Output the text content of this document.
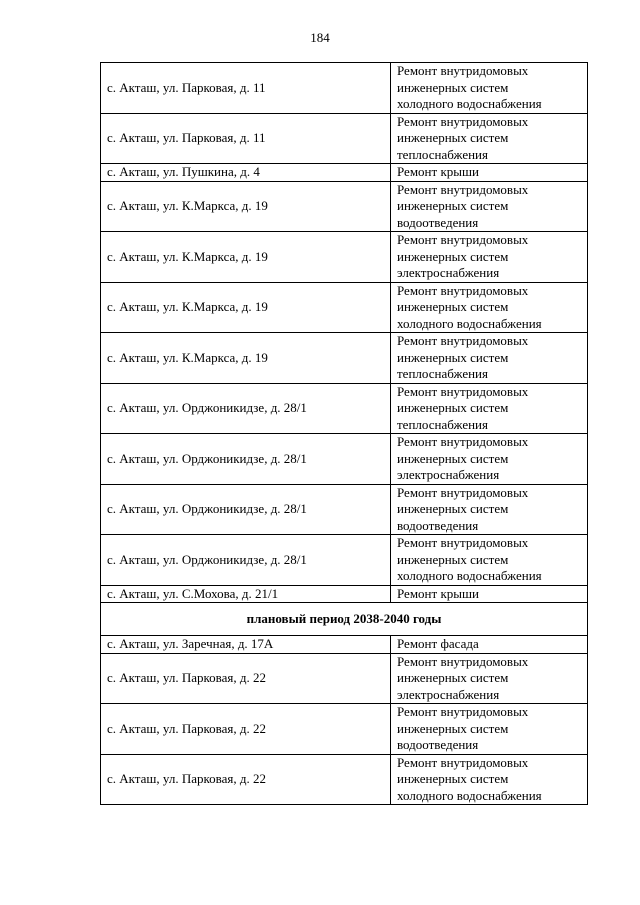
184
с. Акташ, ул. Парковая, д. 11	Ремонт внутридомовых
инженерных систем
холодного водоснабжения
с. Акташ, ул. Парковая, д. 11	Ремонт внутридомовых
инженерных систем
теплоснабжения
с. Акташ, ул. Пушкина, д. 4	Ремонт крыши
с. Акташ, ул. К.Маркса, д. 19	Ремонт внутридомовых
инженерных систем
водоотведения
с. Акташ, ул. К.Маркса, д. 19	Ремонт внутридомовых
инженерных систем
электроснабжения
с. Акташ, ул. К.Маркса, д. 19	Ремонт внутридомовых
инженерных систем
холодного водоснабжения
с. Акташ, ул. К.Маркса, д. 19	Ремонт внутридомовых
инженерных систем
теплоснабжения
с. Акташ, ул. Орджоникидзе, д. 28/1	Ремонт внутридомовых
инженерных систем
теплоснабжения
с. Акташ, ул. Орджоникидзе, д. 28/1	Ремонт внутридомовых
инженерных систем
электроснабжения
с. Акташ, ул. Орджоникидзе, д. 28/1	Ремонт внутридомовых
инженерных систем
водоотведения
с. Акташ, ул. Орджоникидзе, д. 28/1	Ремонт внутридомовых
инженерных систем
холодного водоснабжения
с. Акташ, ул. С.Мохова, д. 21/1	Ремонт крыши
плановый период 2038-2040 годы	
с. Акташ, ул. Заречная, д. 17А	Ремонт фасада
с. Акташ, ул. Парковая, д. 22	Ремонт внутридомовых
инженерных систем
электроснабжения
с. Акташ, ул. Парковая, д. 22	Ремонт внутридомовых
инженерных систем
водоотведения
с. Акташ, ул. Парковая, д. 22	Ремонт внутридомовых
инженерных систем
холодного водоснабжения
